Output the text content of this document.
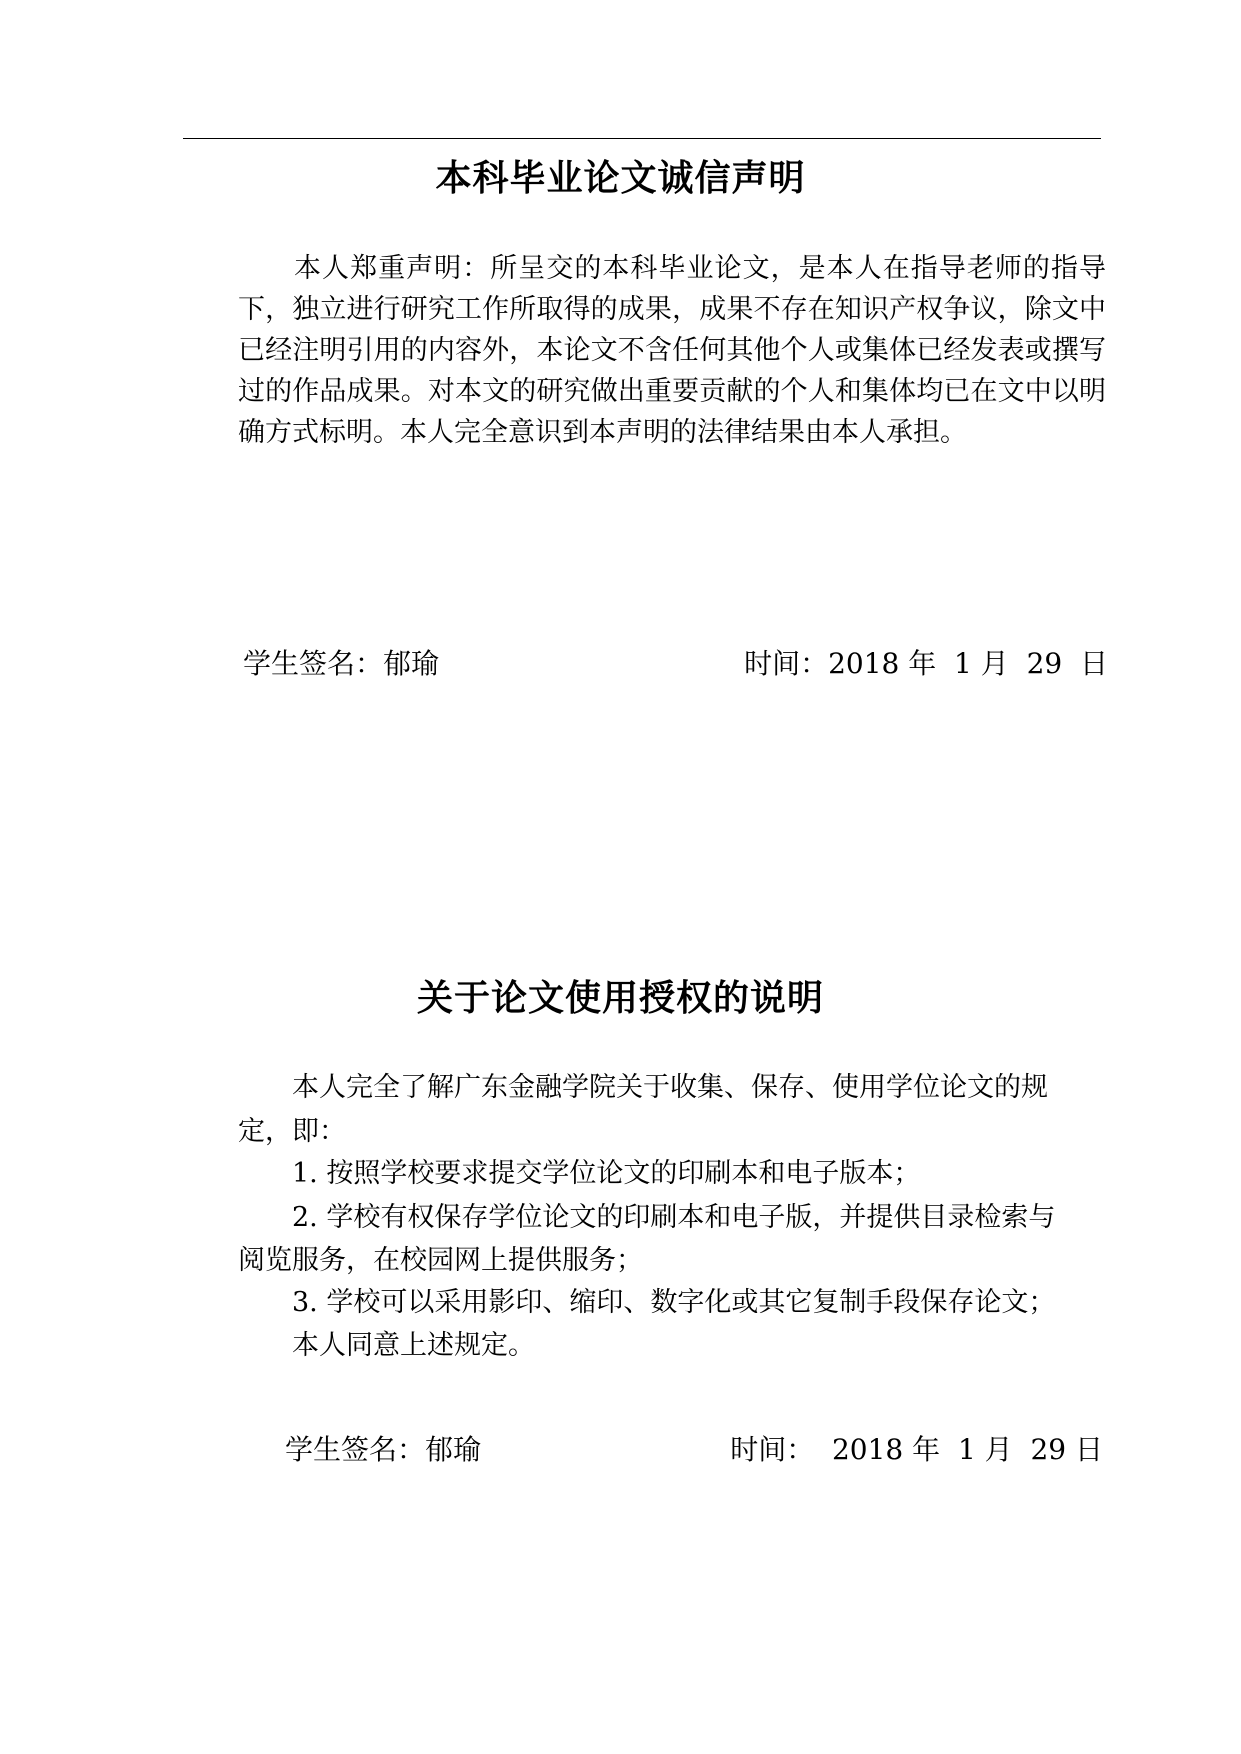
本科毕业论文诚信声明

本人郑重声明：所呈交的本科毕业论文，是本人在指导老师的指导下，独立进行研究工作所取得的成果，成果不存在知识产权争议，除文中已经注明引用的内容外，本论文不含任何其他个人或集体已经发表或撰写过的作品成果。对本文的研究做出重要贡献的个人和集体均已在文中以明确方式标明。本人完全意识到本声明的法律结果由本人承担。

学生签名：郁瑜	时间：2018 年  1 月  29  日
关于论文使用授权的说明

本人完全了解广东金融学院关于收集、保存、使用学位论文的规

定，即：

1. 按照学校要求提交学位论文的印刷本和电子版本；

2. 学校有权保存学位论文的印刷本和电子版，并提供目录检索与

阅览服务，在校园网上提供服务；

3. 学校可以采用影印、缩印、数字化或其它复制手段保存论文；

本人同意上述规定。

学生签名：郁瑜	时间：  2018 年  1 月  29 日
